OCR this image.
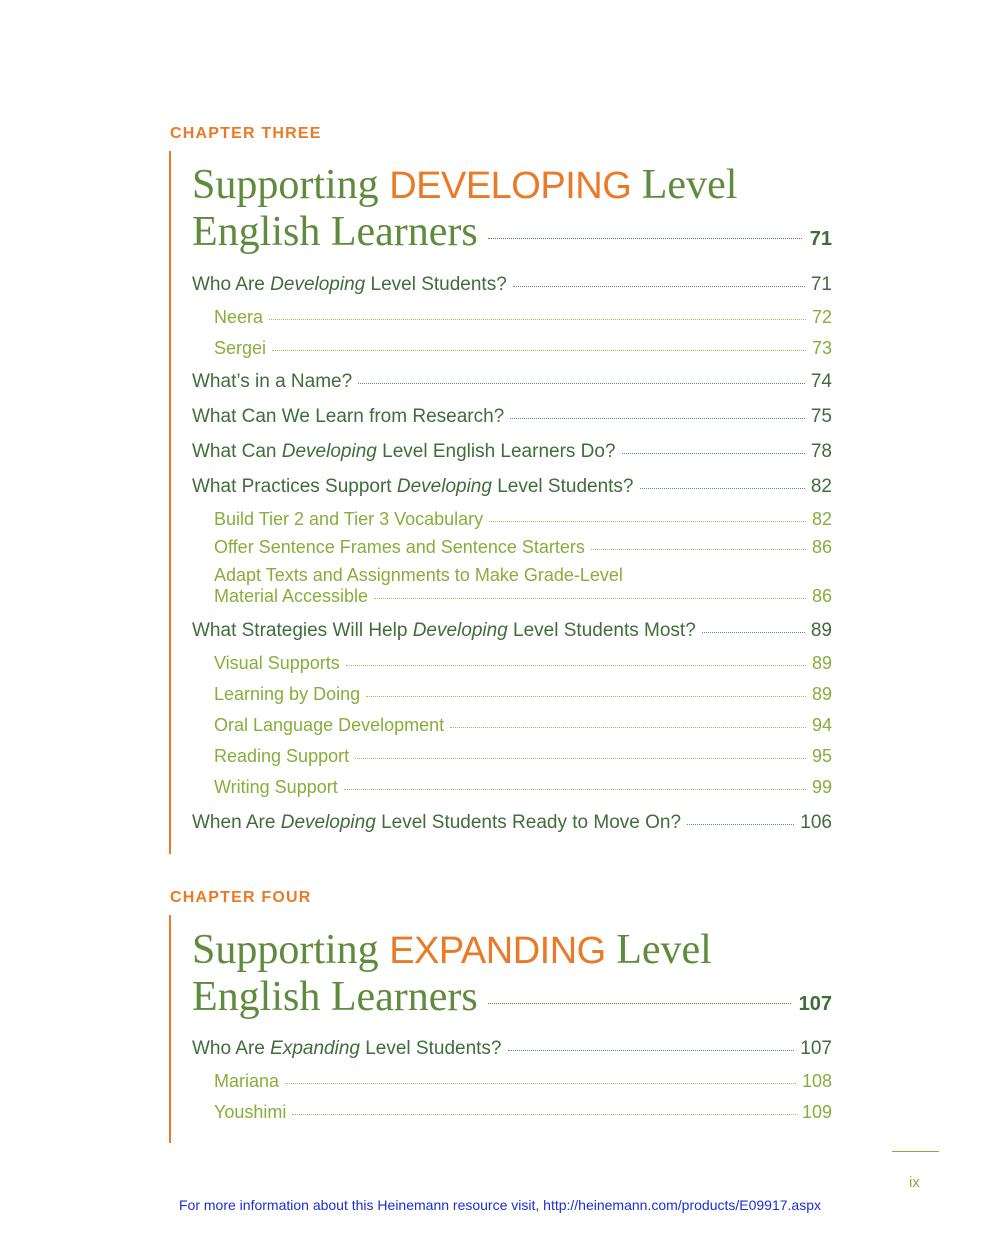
CHAPTER THREE
Supporting DEVELOPING Level
English Learners	71
Who Are Developing Level Students?	71
Neera	72
Sergei	73
What’s in a Name?	74
What Can We Learn from Research?	75
What Can Developing Level English Learners Do?	78
What Practices Support Developing Level Students?	82
Build Tier 2 and Tier 3 Vocabulary	82
Offer Sentence Frames and Sentence Starters	86
Adapt Texts and Assignments to Make Grade-Level
Material Accessible	86
What Strategies Will Help Developing Level Students Most?	89
Visual Supports	89
Learning by Doing	89
Oral Language Development	94
Reading Support	95
Writing Support	99
When Are Developing Level Students Ready to Move On?	106
CHAPTER FOUR
Supporting EXPANDING Level
English Learners	107
Who Are Expanding Level Students?	107
Mariana	108
Youshimi	109
ix
For more information about this Heinemann resource visit, http://heinemann.com/products/E09917.aspx
